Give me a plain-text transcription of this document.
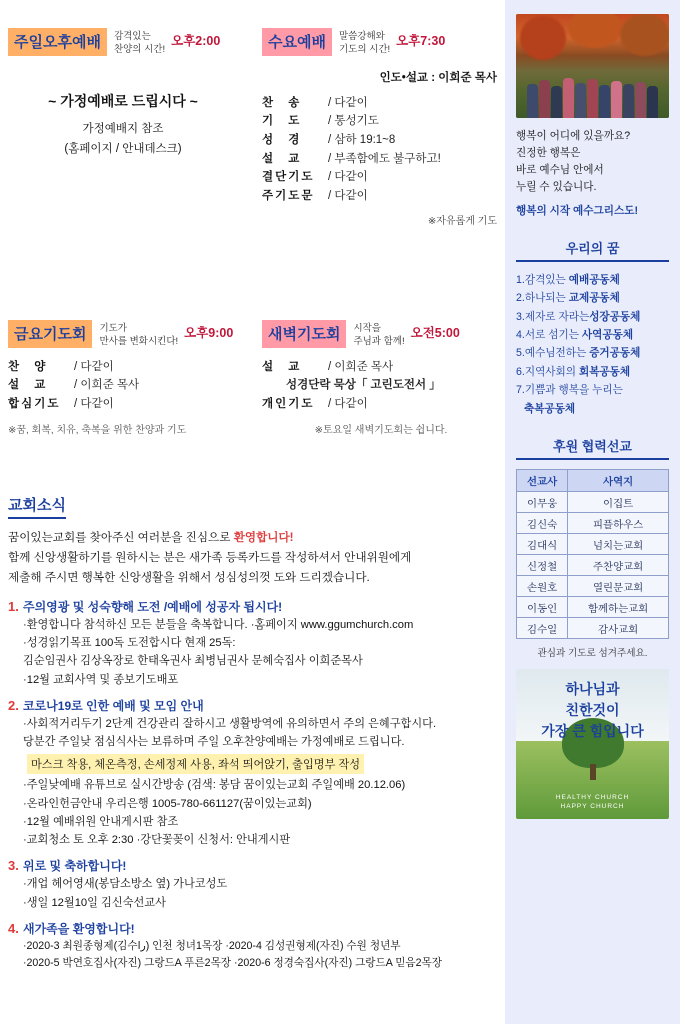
주일오후예배	감격있는
찬양의 시간!
오후2:00
~ 가정예배로 드립시다 ~
가정예배지 참조
(홈페이지 / 안내데스크)
수요예배	말씀강해와
기도의 시간!
오후7:30
인도•설교 : 이희준 목사
찬 송	/ 다같이
기 도	/ 통성기도
성 경	/ 삼하 19:1~8
설 교	/ 부족함에도 불구하고!
결단기도	/ 다같이
주기도문	/ 다같이
※자유롭게 기도
금요기도회	기도가
만사를 변화시킨다!
오후9:00
찬 양	/ 다같이
설 교	/ 이희준 목사
합심기도	/ 다같이
※꿈, 회복, 치유, 축복을 위한 찬양과 기도
새벽기도회	시작을
주님과 함께!
오전5:00
설 교	/ 이희준 목사
성경단락 묵상「 고린도전서 」
개인기도	/ 다같이
※토요일 새벽기도회는 쉽니다.
교회소식
꿈이있는교회를 찾아주신 여러분을 진심으로 환영합니다!
함께 신앙생활하기를 원하시는 분은 새가족 등록카드를 작성하셔서 안내위원에게
제출해 주시면 행복한 신앙생활을 위해서 성심성의껏 도와 드리겠습니다.
1. 주의영광 및 성숙향해 도전 /예배에 성공자 됩시다!
·환영합니다 참석하신 모든 분들을 축복합니다. ·홈페이지 www.ggumchurch.com
·성경읽기목표 100독 도전합시다 현재 25독:
김순임권사 김상옥장로 한태옥권사 최병님권사 문혜숙집사 이희준목사
·12월 교회사역 및 종보기도배포
2. 코로나19로 인한 예배 및 모임 안내
·사회적거리두기 2단계 건강관리 잘하시고 생활방역에 유의하면서 주의 은혜구합시다.
당분간 주일낮 점심식사는 보류하며 주일 오후찬양예배는 가정예배로 드립니다.
마스크 착용, 체온측정, 손세정제 사용, 좌석 띄어앉기, 출입명부 작성
·주일낮예배 유튜브로 실시간방송 (검색: 봉담 꿈이있는교회 주일예배 20.12.06)
·온라인헌금안내 우리은행 1005-780-661127(꿈이있는교회)
·12월 예배위원 안내게시판 참조
·교회청소 토 오후 2:30 ·강단꽃꽂이 신청서: 안내게시판
3. 위로 및 축하합니다!
·개업 헤어영새(봉담소방소 옆) 가나코성도
·생일 12월10일 김신숙선교사
4. 새가족을 환영합니다!
·2020-3 최원종형제(김수را) 인천 청녀1목장 ·2020-4 김성권형제(자진) 수원 청년부
·2020-5 박연호집사(자진) 그랑드A 푸른2목장 ·2020-6 정경숙집사(자진) 그랑드A 믿음2목장
행복이 어디에 있을까요?
진정한 행복은
바로 예수님 안에서
누릴 수 있습니다.
행복의 시작 예수그리스도!
우리의 꿈
1.감격있는 예배공동체
2.하나되는 교제공동체
3.제자로 자라는성장공동체
4.서로 섬기는 사역공동체
5.예수님전하는 증거공동체
6.지역사회의 회복공동체
7.기쁨과 행복을 누리는
축복공동체
후원 협력선교
선교사	사역지
이무웅	이집트
김신숙	피플하우스
김대식	넘치는교회
신정철	주찬양교회
손원호	열린문교회
이동인	함께하는교회
김수일	감사교회
관심과 기도로 섬겨주세요.
하나님과
친한것이
가장 큰 힘입니다
HEALTHY CHURCH
HAPPY CHURCH
